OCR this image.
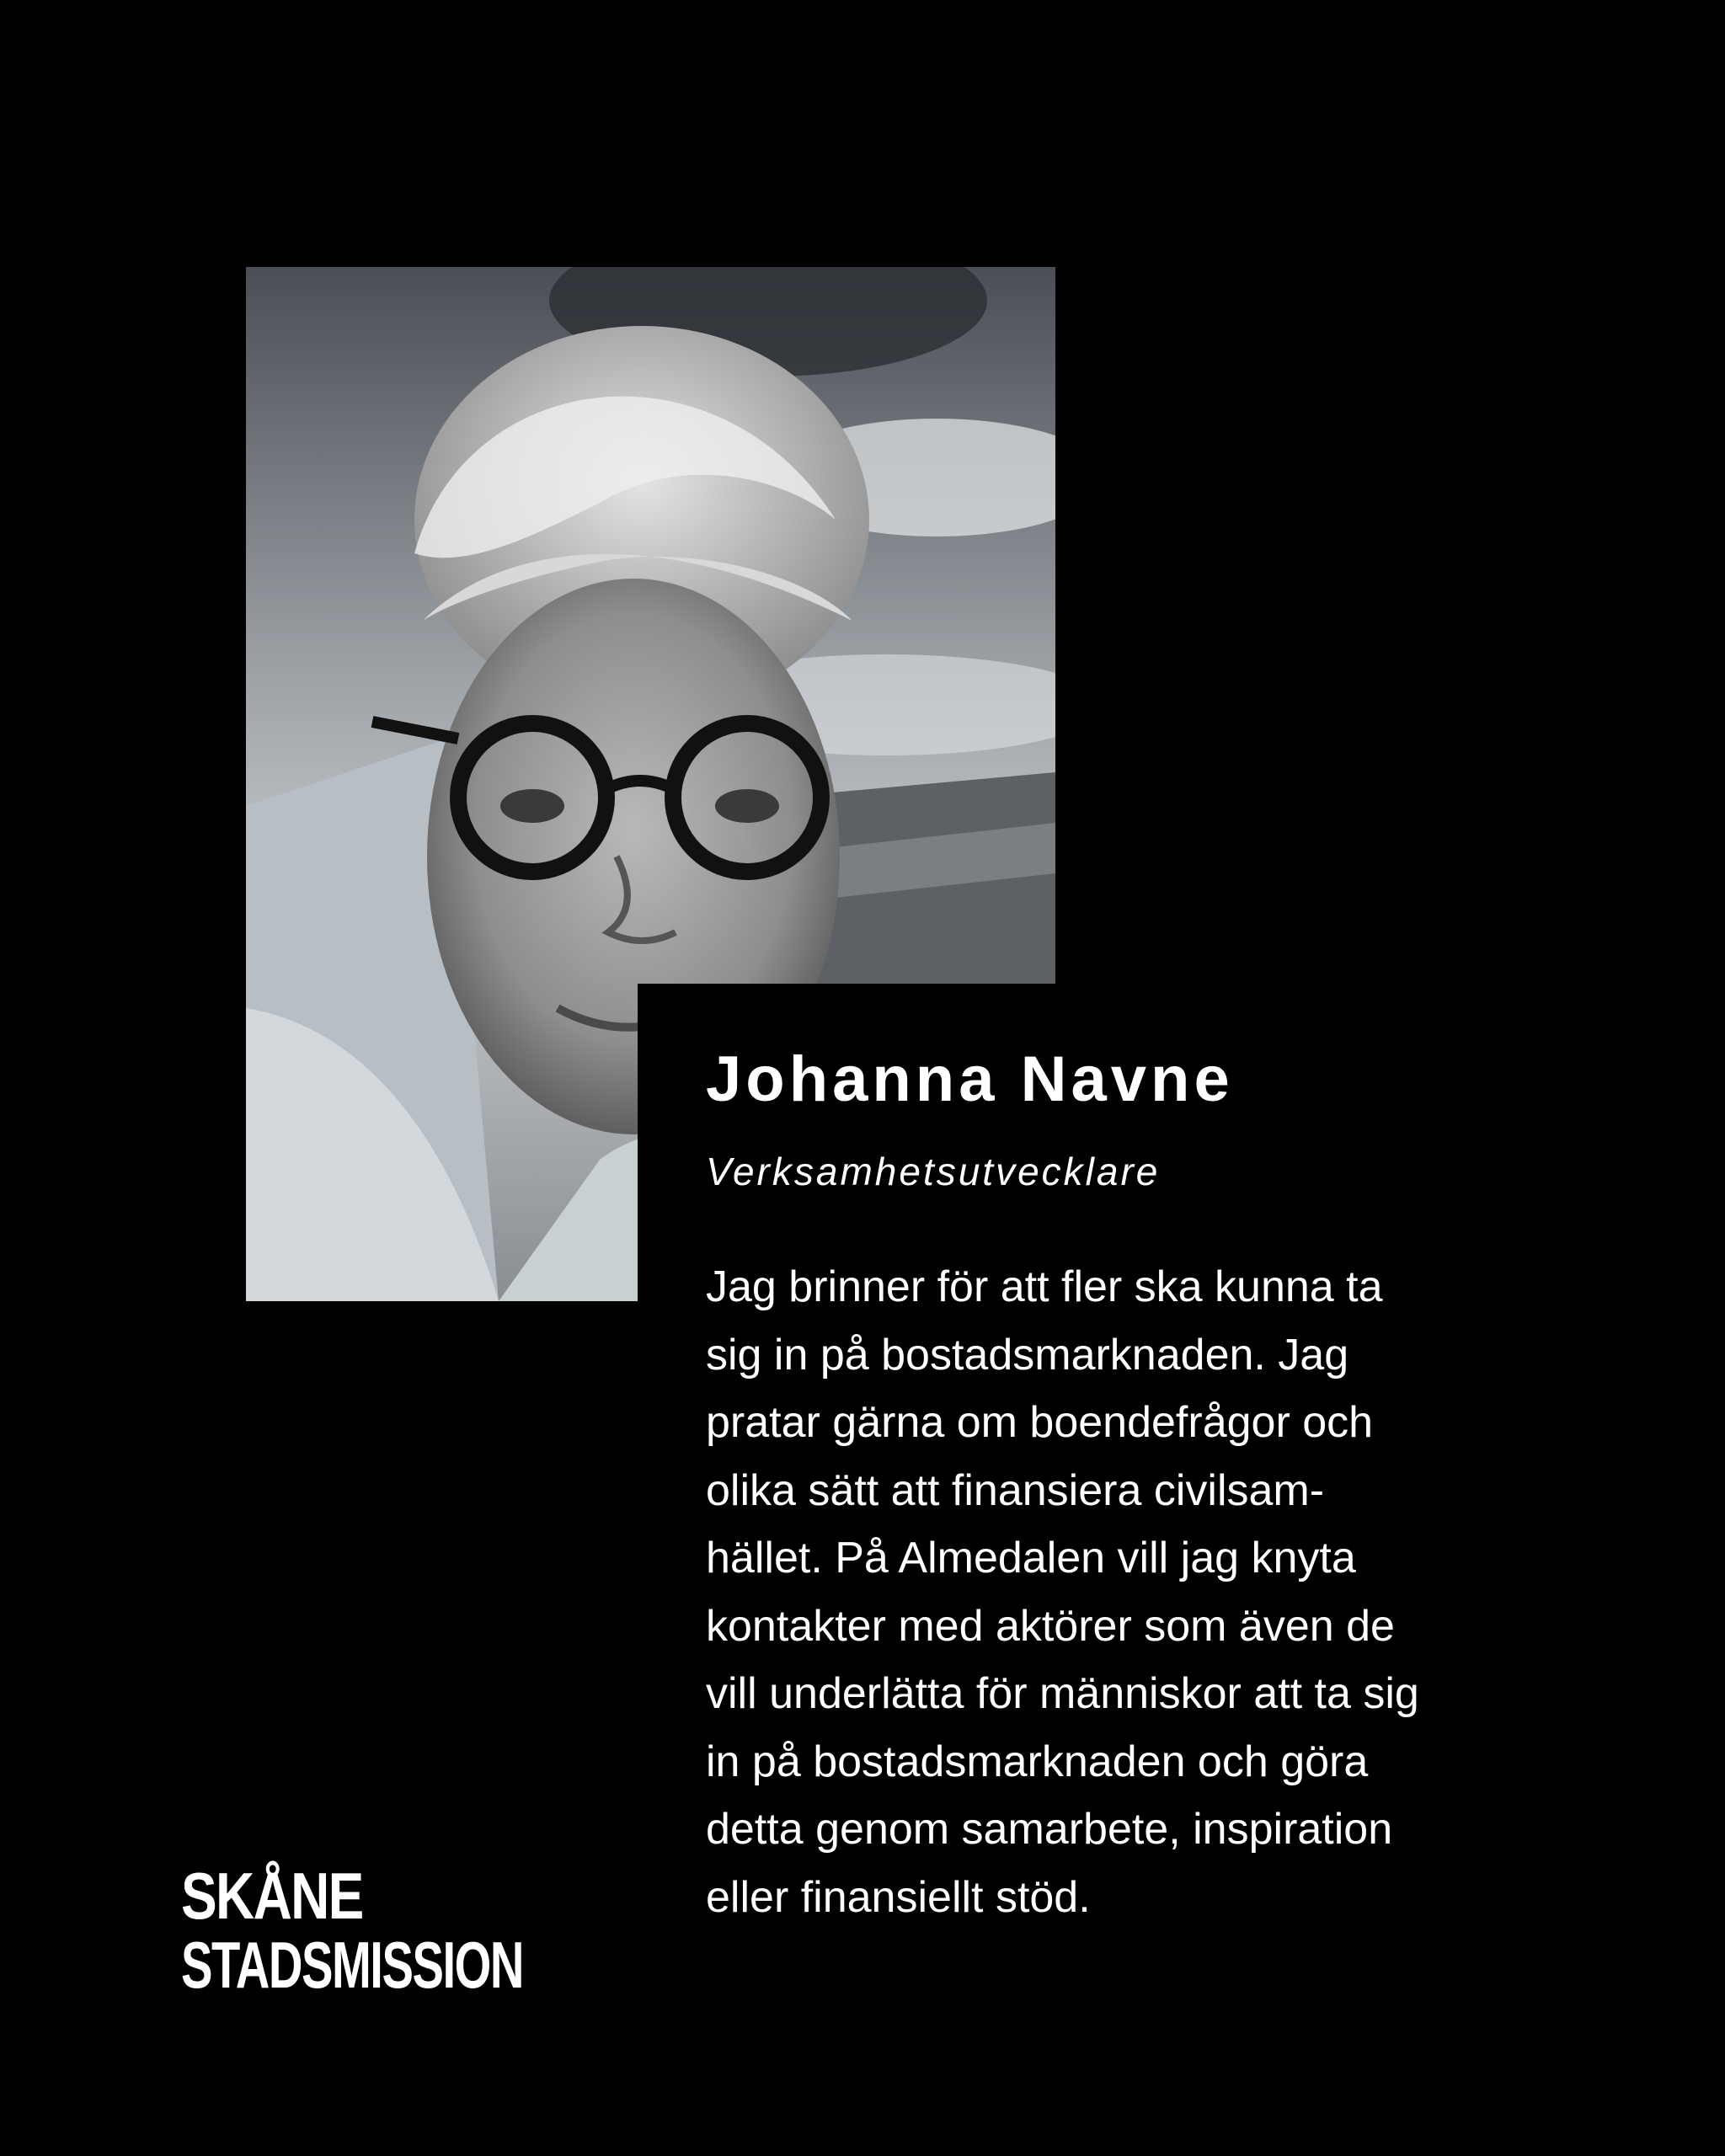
Johanna Navne

Verksamhetsutvecklare

Jag brinner för att fler ska kunna ta
sig in på bostadsmarknaden. Jag
pratar gärna om boendefrågor och
olika sätt att finansiera civilsam-
hället. På Almedalen vill jag knyta
kontakter med aktörer som även de
vill underlätta för människor att ta sig
in på bostadsmarknaden och göra
detta genom samarbete, inspiration
eller finansiellt stöd.

SKÅNE
STADSMISSION
